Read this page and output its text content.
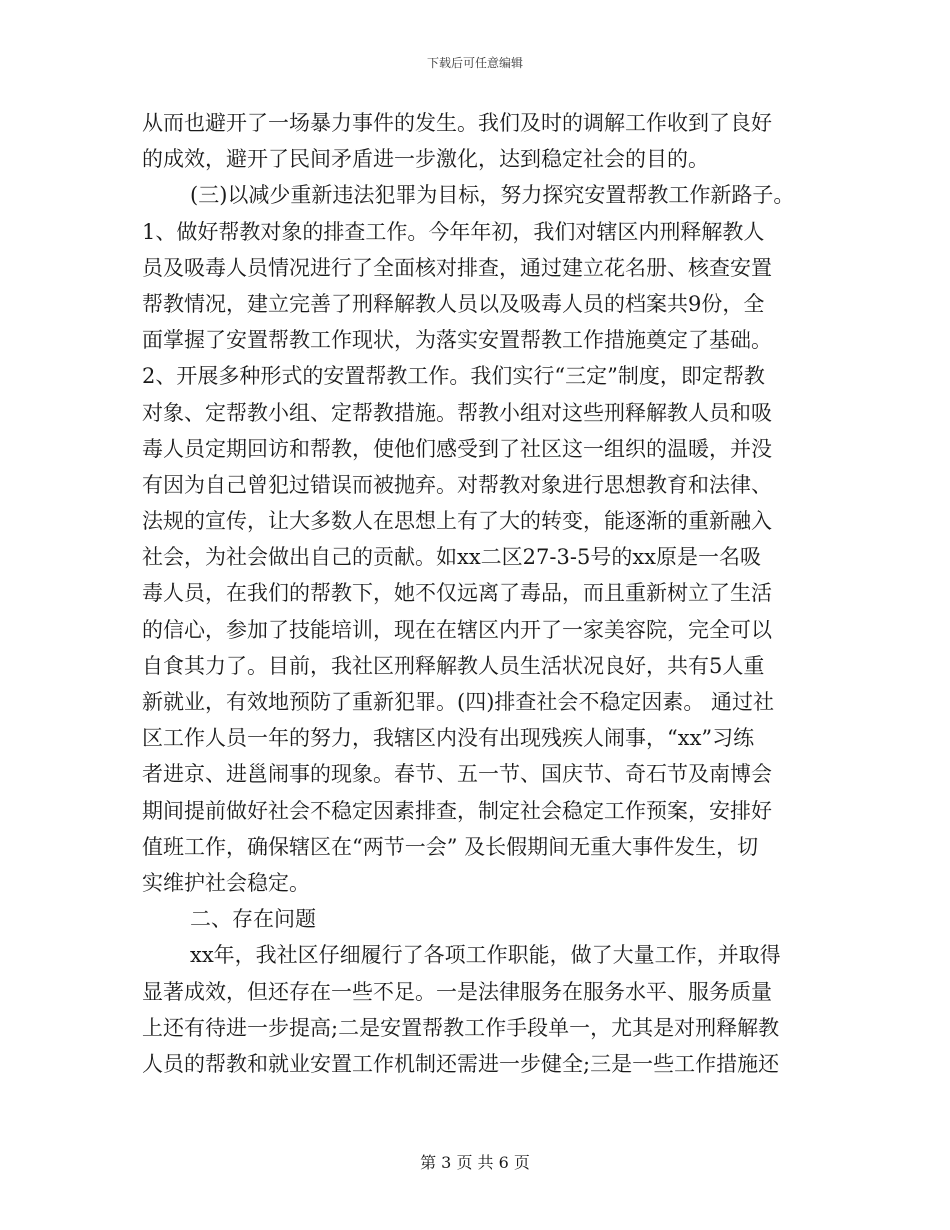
下载后可任意编辑
从而也避开了一场暴力事件的发生。我们及时的调解工作收到了良好
的成效，避开了民间矛盾进一步激化，达到稳定社会的目的。
(三)以减少重新违法犯罪为目标，努力探究安置帮教工作新路子。
1、做好帮教对象的排查工作。今年年初，我们对辖区内刑释解教人
员及吸毒人员情况进行了全面核对排查，通过建立花名册、核查安置
帮教情况，建立完善了刑释解教人员以及吸毒人员的档案共9份，全
面掌握了安置帮教工作现状，为落实安置帮教工作措施奠定了基础。
2、开展多种形式的安置帮教工作。我们实行“三定”制度，即定帮教
对象、定帮教小组、定帮教措施。帮教小组对这些刑释解教人员和吸
毒人员定期回访和帮教，使他们感受到了社区这一组织的温暖，并没
有因为自己曾犯过错误而被抛弃。对帮教对象进行思想教育和法律、
法规的宣传，让大多数人在思想上有了大的转变，能逐渐的重新融入
社会，为社会做出自己的贡献。如xx二区27-3-5号的xx原是一名吸
毒人员，在我们的帮教下，她不仅远离了毒品，而且重新树立了生活
的信心，参加了技能培训，现在在辖区内开了一家美容院，完全可以
自食其力了。目前，我社区刑释解教人员生活状况良好，共有5人重
新就业，有效地预防了重新犯罪。(四)排查社会不稳定因素。 通过社
区工作人员一年的努力，我辖区内没有出现残疾人闹事，“xx”习练
者进京、进邕闹事的现象。春节、五一节、国庆节、奇石节及南博会
期间提前做好社会不稳定因素排查，制定社会稳定工作预案，安排好
值班工作，确保辖区在“两节一会” 及长假期间无重大事件发生，切
实维护社会稳定。
二、存在问题
xx年，我社区仔细履行了各项工作职能，做了大量工作，并取得
显著成效，但还存在一些不足。一是法律服务在服务水平、服务质量
上还有待进一步提高;二是安置帮教工作手段单一，尤其是对刑释解教
人员的帮教和就业安置工作机制还需进一步健全;三是一些工作措施还
第 3 页 共 6 页
